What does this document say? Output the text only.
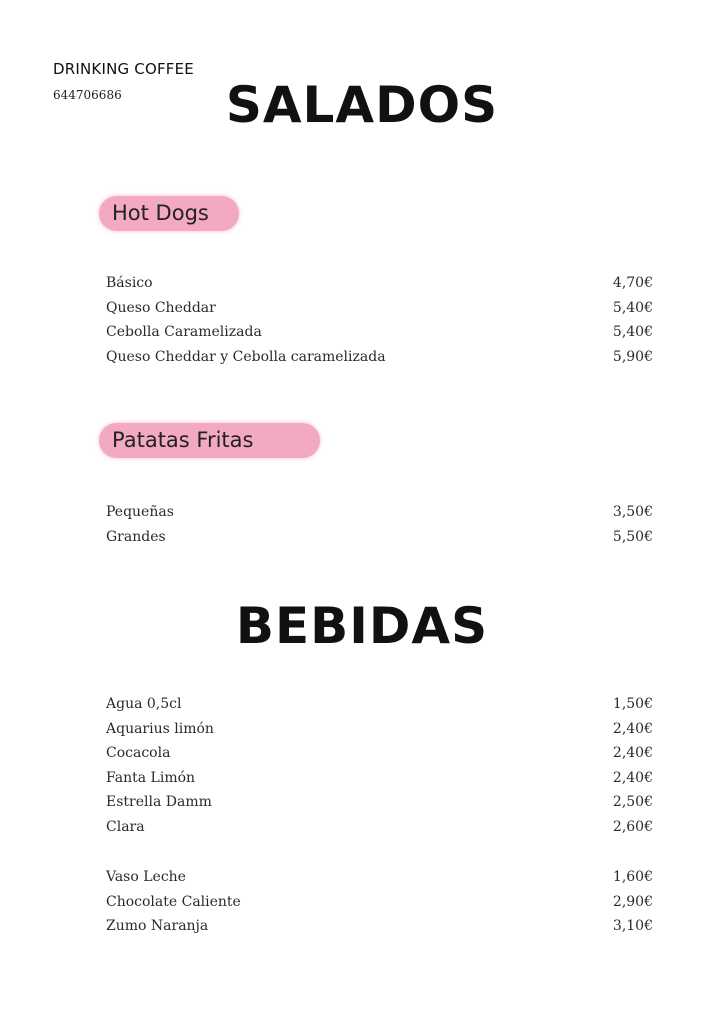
DRINKING COFFEE
644706686	SALADOS
Hot Dogs
Básico	4,70€
Queso Cheddar	5,40€
Cebolla Caramelizada	5,40€
Queso Cheddar y Cebolla caramelizada	5,90€
Patatas Fritas
Pequeñas	3,50€
Grandes	5,50€
BEBIDAS
Agua 0,5cl	1,50€
Aquarius limón	2,40€
Cocacola	2,40€
Fanta Limón	2,40€
Estrella Damm	2,50€
Clara	2,60€
Vaso Leche	1,60€
Chocolate Caliente	2,90€
Zumo Naranja	3,10€
